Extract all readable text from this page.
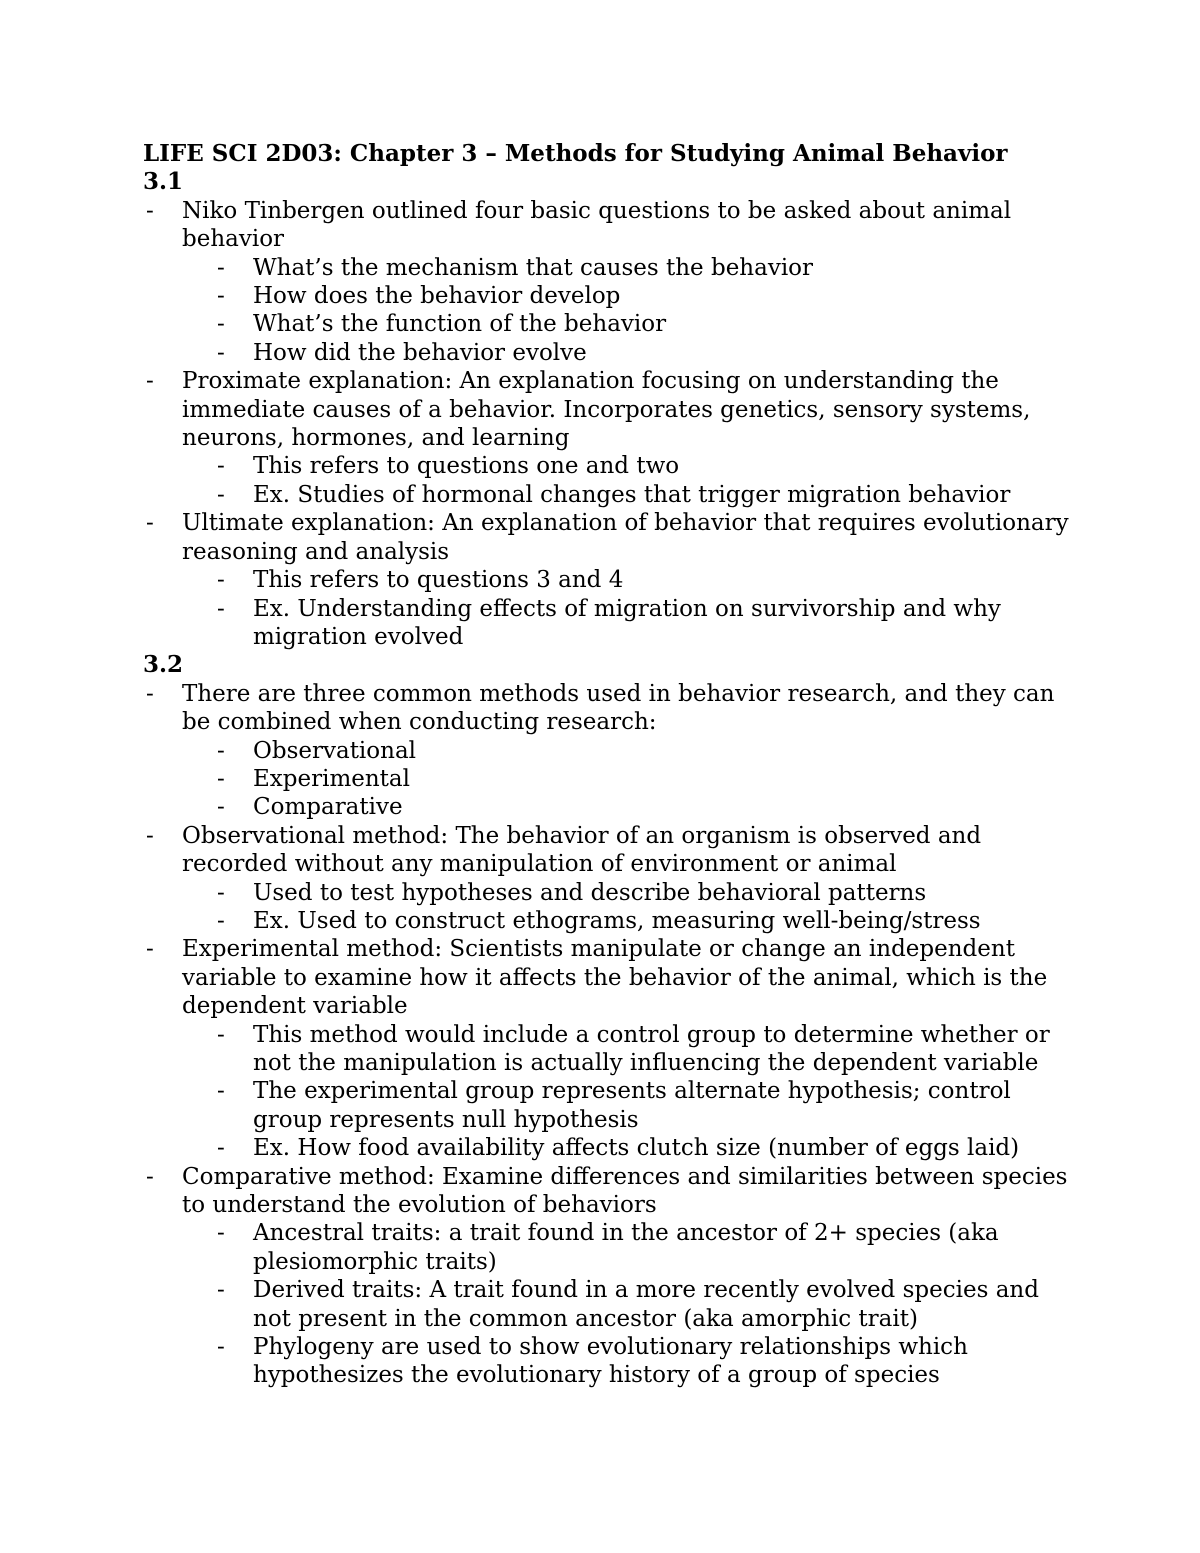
LIFE SCI 2D03: Chapter 3 – Methods for Studying Animal Behavior

3.1

- Niko Tinbergen outlined four basic questions to be asked about animal behavior
- What’s the mechanism that causes the behavior
- How does the behavior develop
- What’s the function of the behavior
- How did the behavior evolve
- Proximate explanation: An explanation focusing on understanding the immediate causes of a behavior. Incorporates genetics, sensory systems, neurons, hormones, and learning
- This refers to questions one and two
- Ex. Studies of hormonal changes that trigger migration behavior
- Ultimate explanation: An explanation of behavior that requires evolutionary reasoning and analysis
- This refers to questions 3 and 4
- Ex. Understanding effects of migration on survivorship and why migration evolved

3.2

- There are three common methods used in behavior research, and they can be combined when conducting research:
- Observational
- Experimental
- Comparative
- Observational method: The behavior of an organism is observed and recorded without any manipulation of environment or animal
- Used to test hypotheses and describe behavioral patterns
- Ex. Used to construct ethograms, measuring well-being/stress
- Experimental method: Scientists manipulate or change an independent variable to examine how it affects the behavior of the animal, which is the dependent variable
- This method would include a control group to determine whether or not the manipulation is actually influencing the dependent variable
- The experimental group represents alternate hypothesis; control group represents null hypothesis
- Ex. How food availability affects clutch size (number of eggs laid)
- Comparative method: Examine differences and similarities between species to understand the evolution of behaviors
- Ancestral traits: a trait found in the ancestor of 2+ species (aka plesiomorphic traits)
- Derived traits: A trait found in a more recently evolved species and not present in the common ancestor (aka amorphic trait)
- Phylogeny are used to show evolutionary relationships which hypothesizes the evolutionary history of a group of species
